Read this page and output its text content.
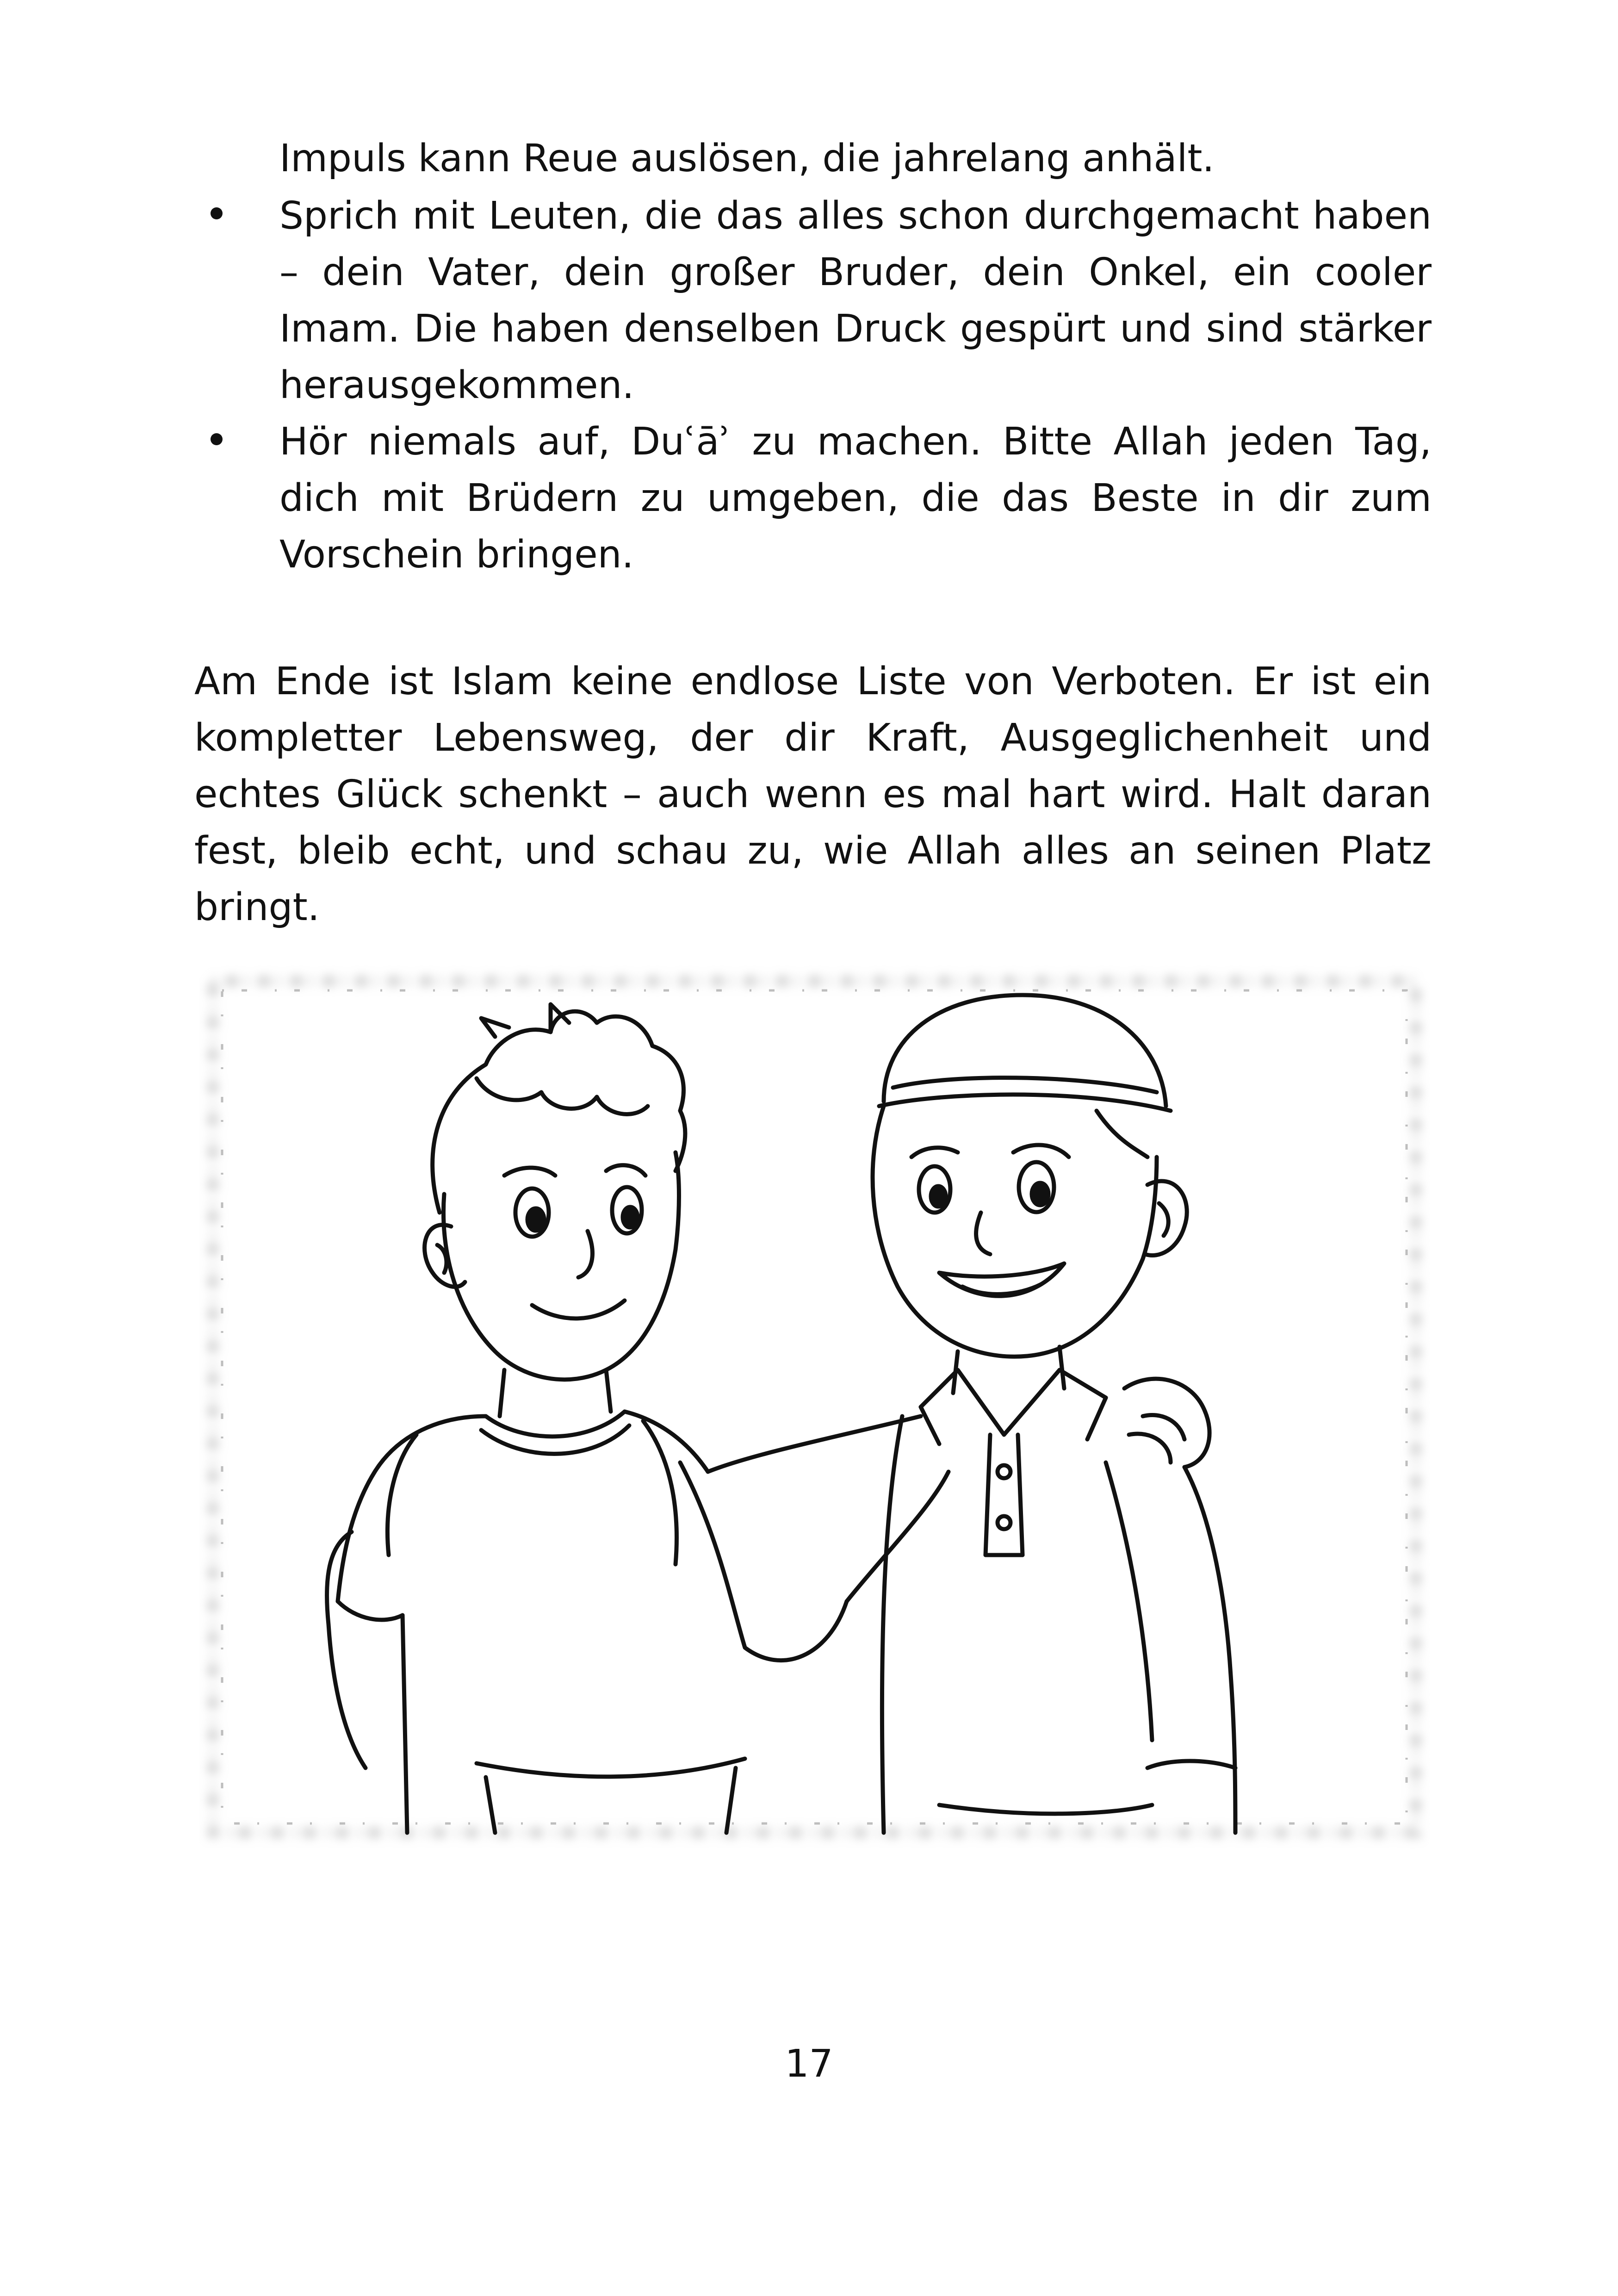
Impuls kann Reue auslösen, die jahrelang anhält.

Sprich mit Leuten, die das alles schon durchgemacht haben – dein Vater, dein großer Bruder, dein Onkel, ein cooler Imam. Die haben denselben Druck gespürt und sind stärker herausgekommen.

Hör niemals auf, Duʿāʾ zu machen. Bitte Allah jeden Tag, dich mit Brüdern zu umgeben, die das Beste in dir zum Vorschein bringen.

Am Ende ist Islam keine endlose Liste von Verboten. Er ist ein kompletter Lebensweg, der dir Kraft, Ausgeglichenheit und echtes Glück schenkt – auch wenn es mal hart wird. Halt daran fest, bleib echt, und schau zu, wie Allah alles an seinen Platz bringt.

17
